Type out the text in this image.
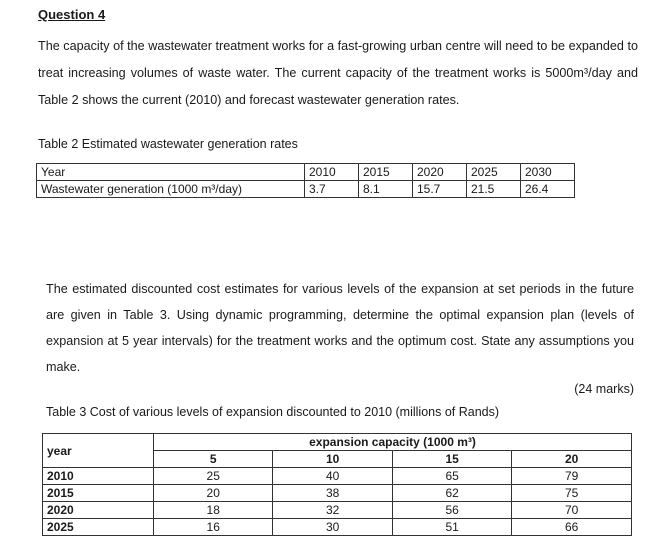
Question 4
The capacity of the wastewater treatment works for a fast-growing urban centre will need to be expanded to treat increasing volumes of waste water. The current capacity of the treatment works is 5000m³/day and Table 2 shows the current (2010) and forecast wastewater generation rates.
Table 2 Estimated wastewater generation rates
Year	2010	2015	2020	2025	2030
Wastewater generation (1000 m³/day)	3.7	8.1	15.7	21.5	26.4
The estimated discounted cost estimates for various levels of the expansion at set periods in the future are given in Table 3. Using dynamic programming, determine the optimal expansion plan (levels of expansion at 5 year intervals) for the treatment works and the optimum cost. State any assumptions you make.
(24 marks)
Table 3 Cost of various levels of expansion discounted to 2010 (millions of Rands)
year	expansion capacity (1000 m³)			
	5	10	15	20
2010	25	40	65	79
2015	20	38	62	75
2020	18	32	56	70
2025	16	30	51	66
